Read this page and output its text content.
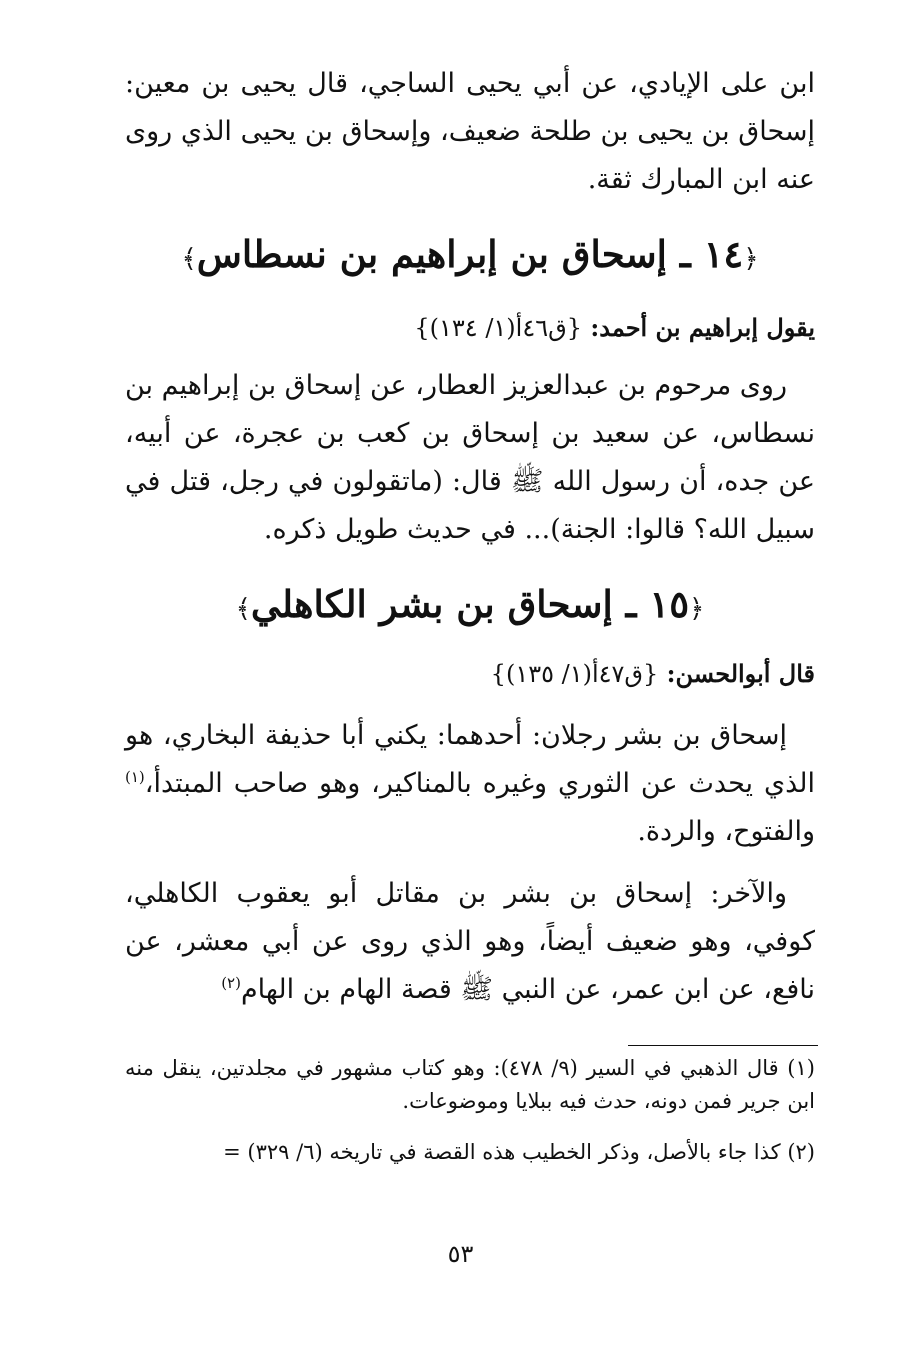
ابن على الإيادي، عن أبي يحيى الساجي، قال يحيى بن معين: إسحاق بن يحيى بن طلحة ضعيف، وإسحاق بن يحيى الذي روى عنه ابن المبارك ثقة.

﴿١٤ ـ إسحاق بن إبراهيم بن نسطاس﴾
يقول إبراهيم بن أحمد: {ق٤٦أ(١/ ١٣٤)}

روى مرحوم بن عبدالعزيز العطار، عن إسحاق بن إبراهيم بن نسطاس، عن سعيد بن إسحاق بن كعب بن عجرة، عن أبيه، عن جده، أن رسول الله ﷺ قال: (ماتقولون في رجل، قتل في سبيل الله؟ قالوا: الجنة)... في حديث طويل ذكره.

﴿١٥ ـ إسحاق بن بشر الكاهلي﴾
قال أبوالحسن: {ق٤٧أ(١/ ١٣٥)}

إسحاق بن بشر رجلان: أحدهما: يكني أبا حذيفة البخاري، هو الذي يحدث عن الثوري وغيره بالمناكير، وهو صاحب المبتدأ،$^{(١)}$ والفتوح، والردة.

والآخر: إسحاق بن بشر بن مقاتل أبو يعقوب الكاهلي، كوفي، وهو ضعيف أيضاً، وهو الذي روى عن أبي معشر، عن نافع، عن ابن عمر، عن النبي ﷺ قصة الهام بن الهام$^{(٢)}$

(١) قال الذهبي في السير (٩/ ٤٧٨): وهو كتاب مشهور في مجلدتين، ينقل منه ابن جرير فمن دونه، حدث فيه ببلايا وموضوعات.

(٢) كذا جاء بالأصل، وذكر الخطيب هذه القصة في تاريخه (٦/ ٣٢٩) =

٥٣
